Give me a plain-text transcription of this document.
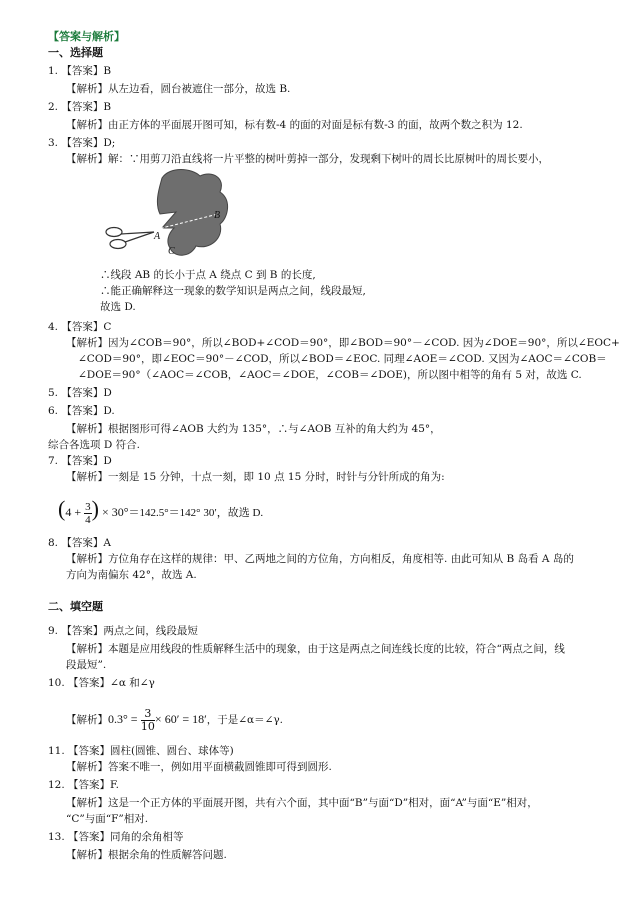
【答案与解析】
一、选择题
1. 【答案】B
【解析】从左边看，圆台被遮住一部分，故选 B.
2. 【答案】B
【解析】由正方体的平面展开图可知，标有数-4 的面的对面是标有数-3 的面，故两个数之积为 12.
3. 【答案】D;
【解析】解：∵用剪刀沿直线将一片平整的树叶剪掉一部分，发现剩下树叶的周长比原树叶的周长要小，
A
B
C
∴线段 AB 的长小于点 A 绕点 C 到 B 的长度,
∴能正确解释这一现象的数学知识是两点之间，线段最短,
故选 D.
4. 【答案】C
【解析】因为∠COB＝90°，所以∠BOD+∠COD＝90°，即∠BOD＝90°－∠COD. 因为∠DOE＝90°，所以∠EOC+
∠COD＝90°，即∠EOC＝90°－∠COD，所以∠BOD＝∠EOC. 同理∠AOE＝∠COD. 又因为∠AOC＝∠COB＝
∠DOE＝90°（∠AOC＝∠COB，∠AOC＝∠DOE，∠COB＝∠DOE)，所以图中相等的角有 5 对，故选 C.
5. 【答案】D
6. 【答案】D.
【解析】根据图形可得∠AOB 大约为 135°，∴与∠AOB 互补的角大约为 45°，
综合各选项 D 符合.
7. 【答案】D
【解析】一刻是 15 分钟，十点一刻，即 10 点 15 分时，时针与分针所成的角为:
($4 + \frac{3}{4}$ ) × 30°＝142.5°＝142° 30′，故选 D.
8. 【答案】A
【解析】方位角存在这样的规律：甲、乙两地之间的方位角，方向相反，角度相等. 由此可知从 B 岛看 A 岛的
方向为南偏东 42°，故选 A.
二、填空题
9. 【答案】两点之间，线段最短
【解析】本题是应用线段的性质解释生活中的现象，由于这是两点之间连线长度的比较，符合“两点之间，线
段最短”.
10. 【答案】∠α 和∠γ
【解析】$0.3^\circ = \frac{3}{10} \times 60' = 18'$，于是∠α＝∠γ.
11. 【答案】圆柱(圆锥、圆台、球体等)
【解析】答案不唯一，例如用平面横截圆锥即可得到圆形.
12. 【答案】F.
【解析】这是一个正方体的平面展开图，共有六个面，其中面“B”与面“D”相对，面“A”与面“E”相对，
“C”与面“F”相对.
13. 【答案】同角的余角相等
【解析】根据余角的性质解答问题.
